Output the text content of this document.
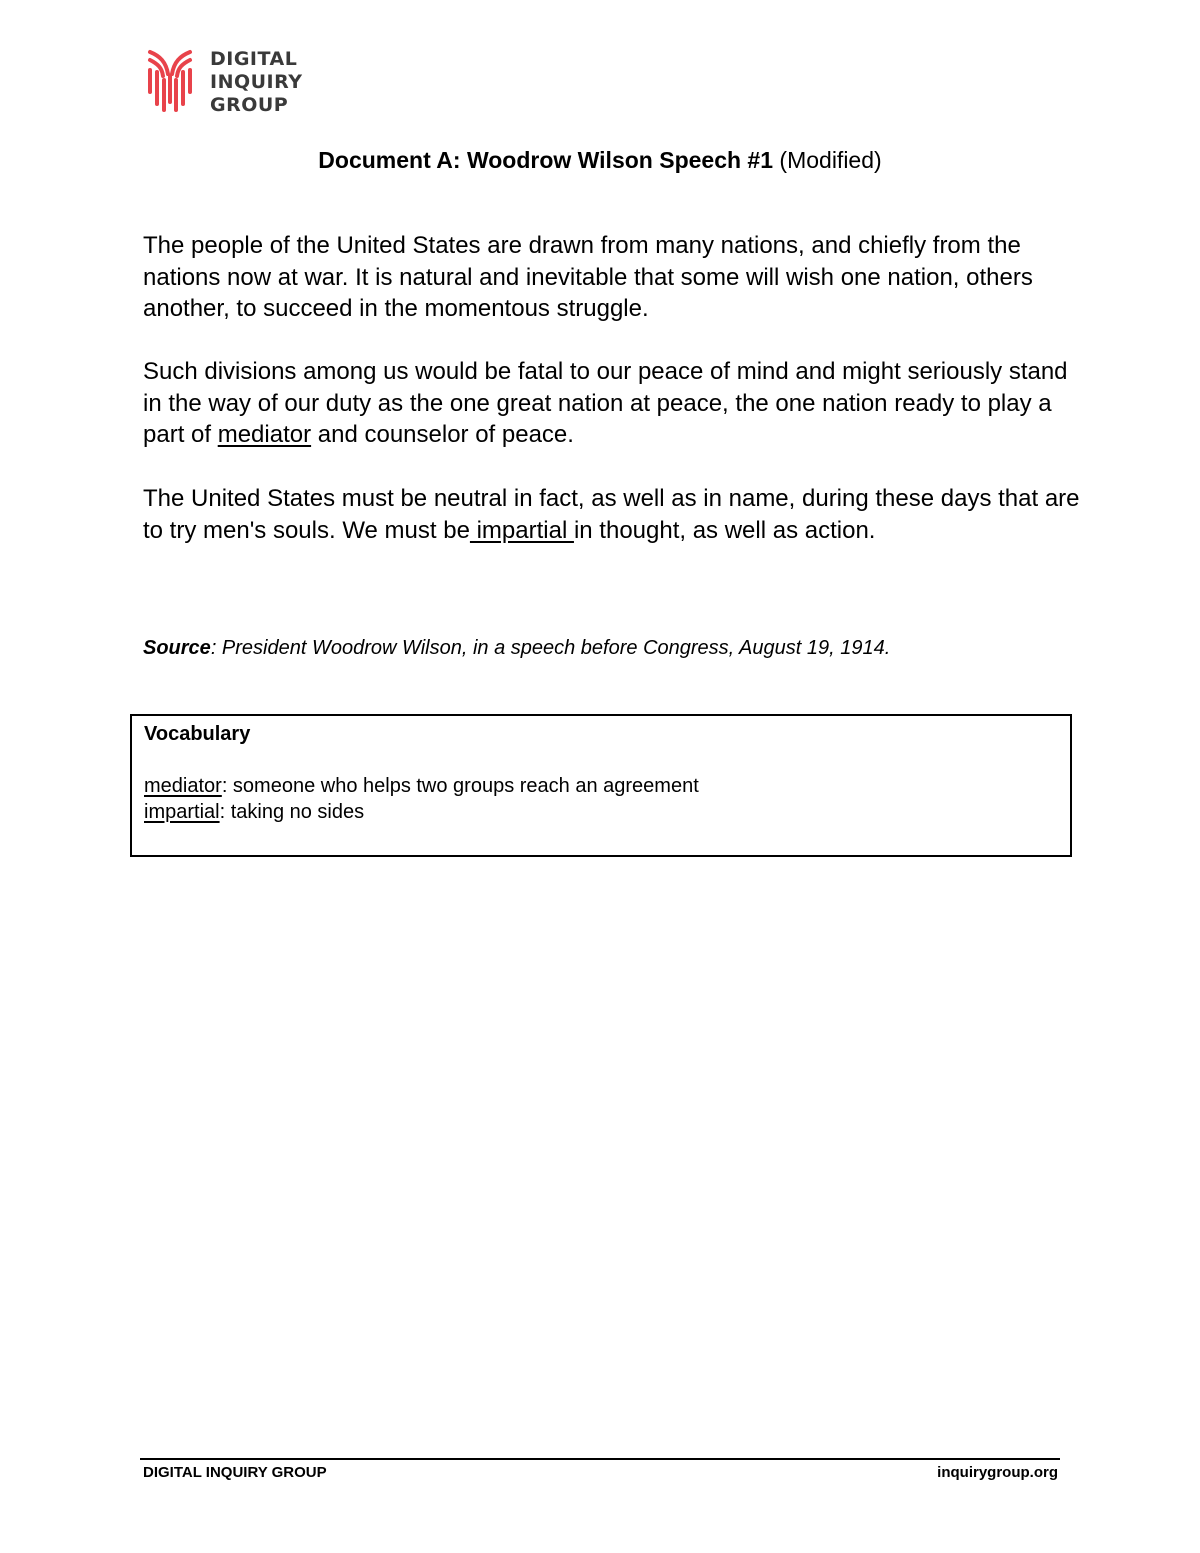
DIGITAL
INQUIRY
GROUP
Document A: Woodrow Wilson Speech #1 (Modified)
The people of the United States are drawn from many nations, and chiefly from the nations now at war. It is natural and inevitable that some will wish one nation, others another, to succeed in the momentous struggle.
Such divisions among us would be fatal to our peace of mind and might seriously stand in the way of our duty as the one great nation at peace, the one nation ready to play a part of mediator and counselor of peace.
The United States must be neutral in fact, as well as in name, during these days that are to try men's souls. We must be impartial in thought, as well as action.
Source: President Woodrow Wilson, in a speech before Congress, August 19, 1914.
Vocabulary
mediator: someone who helps two groups reach an agreement
impartial: taking no sides
DIGITAL INQUIRY GROUP	inquirygroup.org
